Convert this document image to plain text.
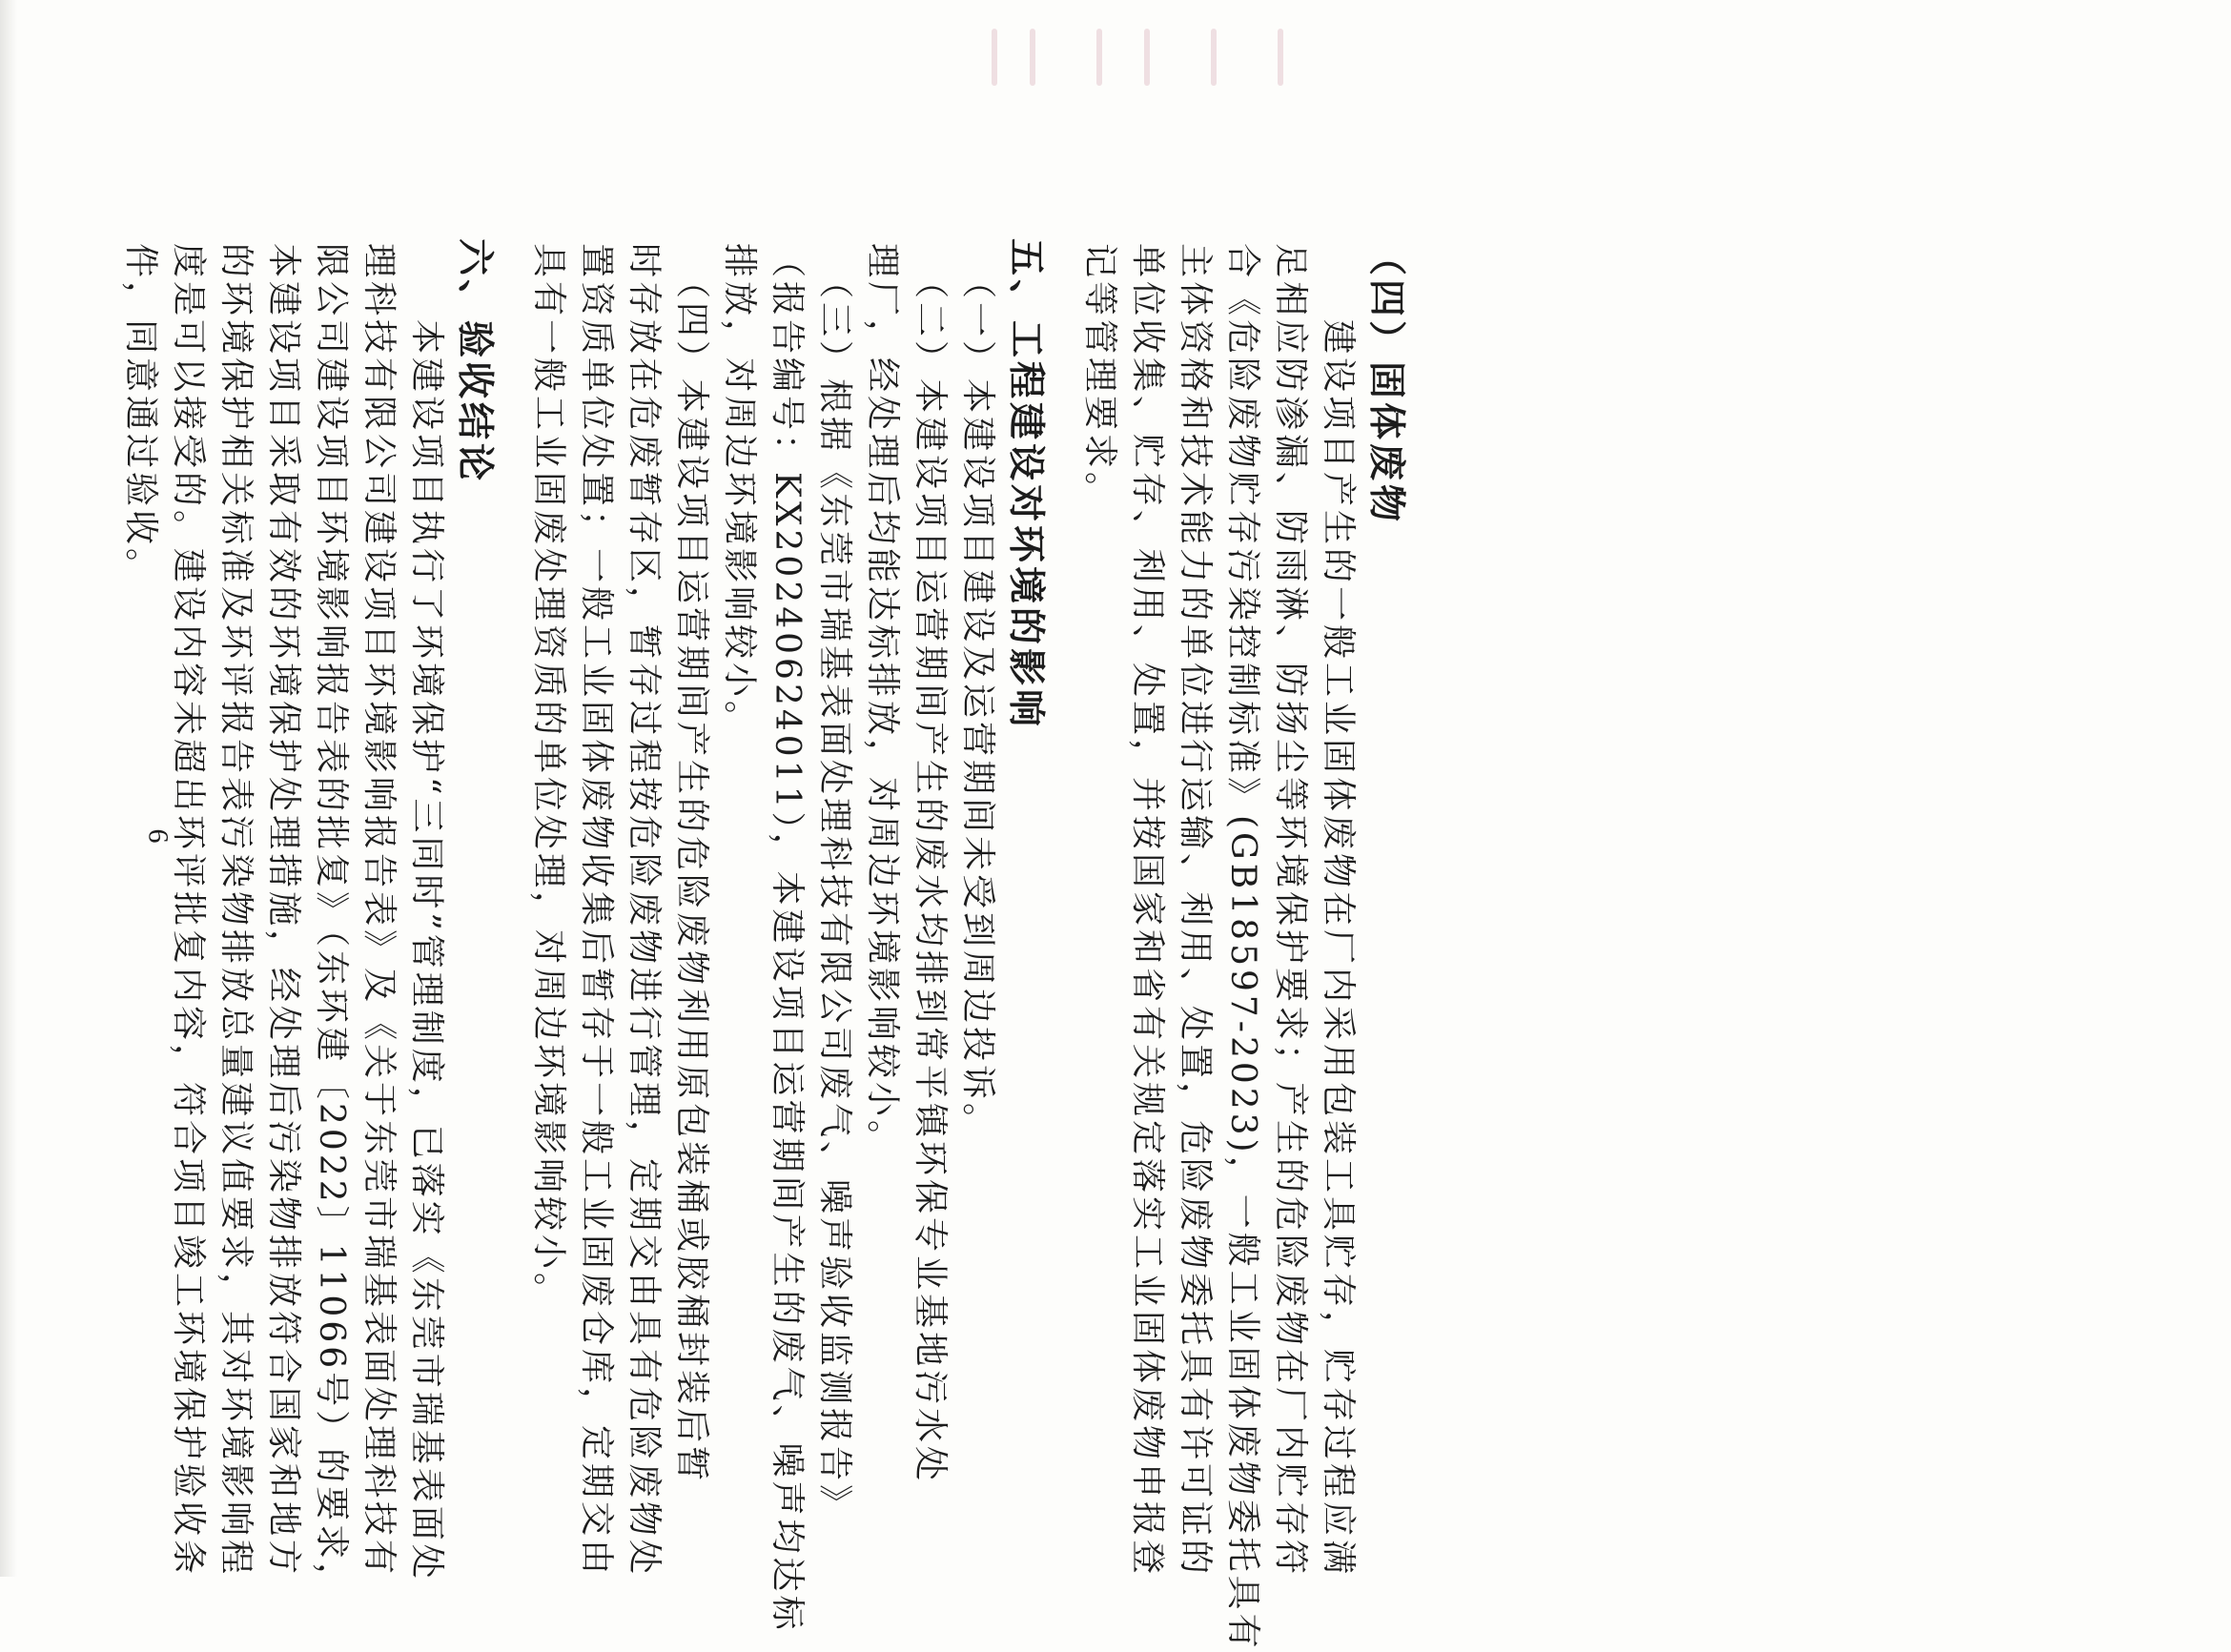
（四）固体废物
　　建设项目产生的一般工业固体废物在厂内采用包装工具贮存，贮存过程应满
足相应防渗漏、防雨淋、防扬尘等环境保护要求；产生的危险废物在厂内贮存符
合《危险废物贮存污染控制标准》(GB18597-2023)，一般工业固体废物委托具有
主体资格和技术能力的单位进行运输、利用、处置，危险废物委托具有许可证的
单位收集、贮存、利用、处置，并按国家和省有关规定落实工业固体废物申报登
记等管理要求。
五、工程建设对环境的影响
　（一）本建设项目建设及运营期间未受到周边投诉。
　（二）本建设项目运营期间产生的废水均排到常平镇环保专业基地污水处
理厂，经处理后均能达标排放，对周边环境影响较小。
　（三）根据《东莞市瑞基表面处理科技有限公司废气、噪声验收监测报告》
（报告编号：KX20240624011），本建设项目运营期间产生的废气、噪声均达标
排放，对周边环境影响较小。
　（四）本建设项目运营期间产生的危险废物利用原包装桶或胶桶封装后暂
时存放在危废暂存区，暂存过程按危险废物进行管理，定期交由具有危险废物处
置资质单位处置；一般工业固体废物收集后暂存于一般工业固废仓库，定期交由
具有一般工业固废处理资质的单位处理，对周边环境影响较小。
六、验收结论
　　本建设项目执行了环境保护“三同时”管理制度，已落实《东莞市瑞基表面处
理科技有限公司建设项目环境影响报告表》及《关于东莞市瑞基表面处理科技有
限公司建设项目环境影响报告表的批复》（东环建〔2022〕11066号）的要求，
本建设项目采取有效的环境保护处理措施，经处理后污染物排放符合国家和地方
的环境保护相关标准及环评报告表污染物排放总量建议值要求，其对环境影响程
度是可以接受的。建设内容未超出环评批复内容，符合项目竣工环境保护验收条
件，同意通过验收。
6
